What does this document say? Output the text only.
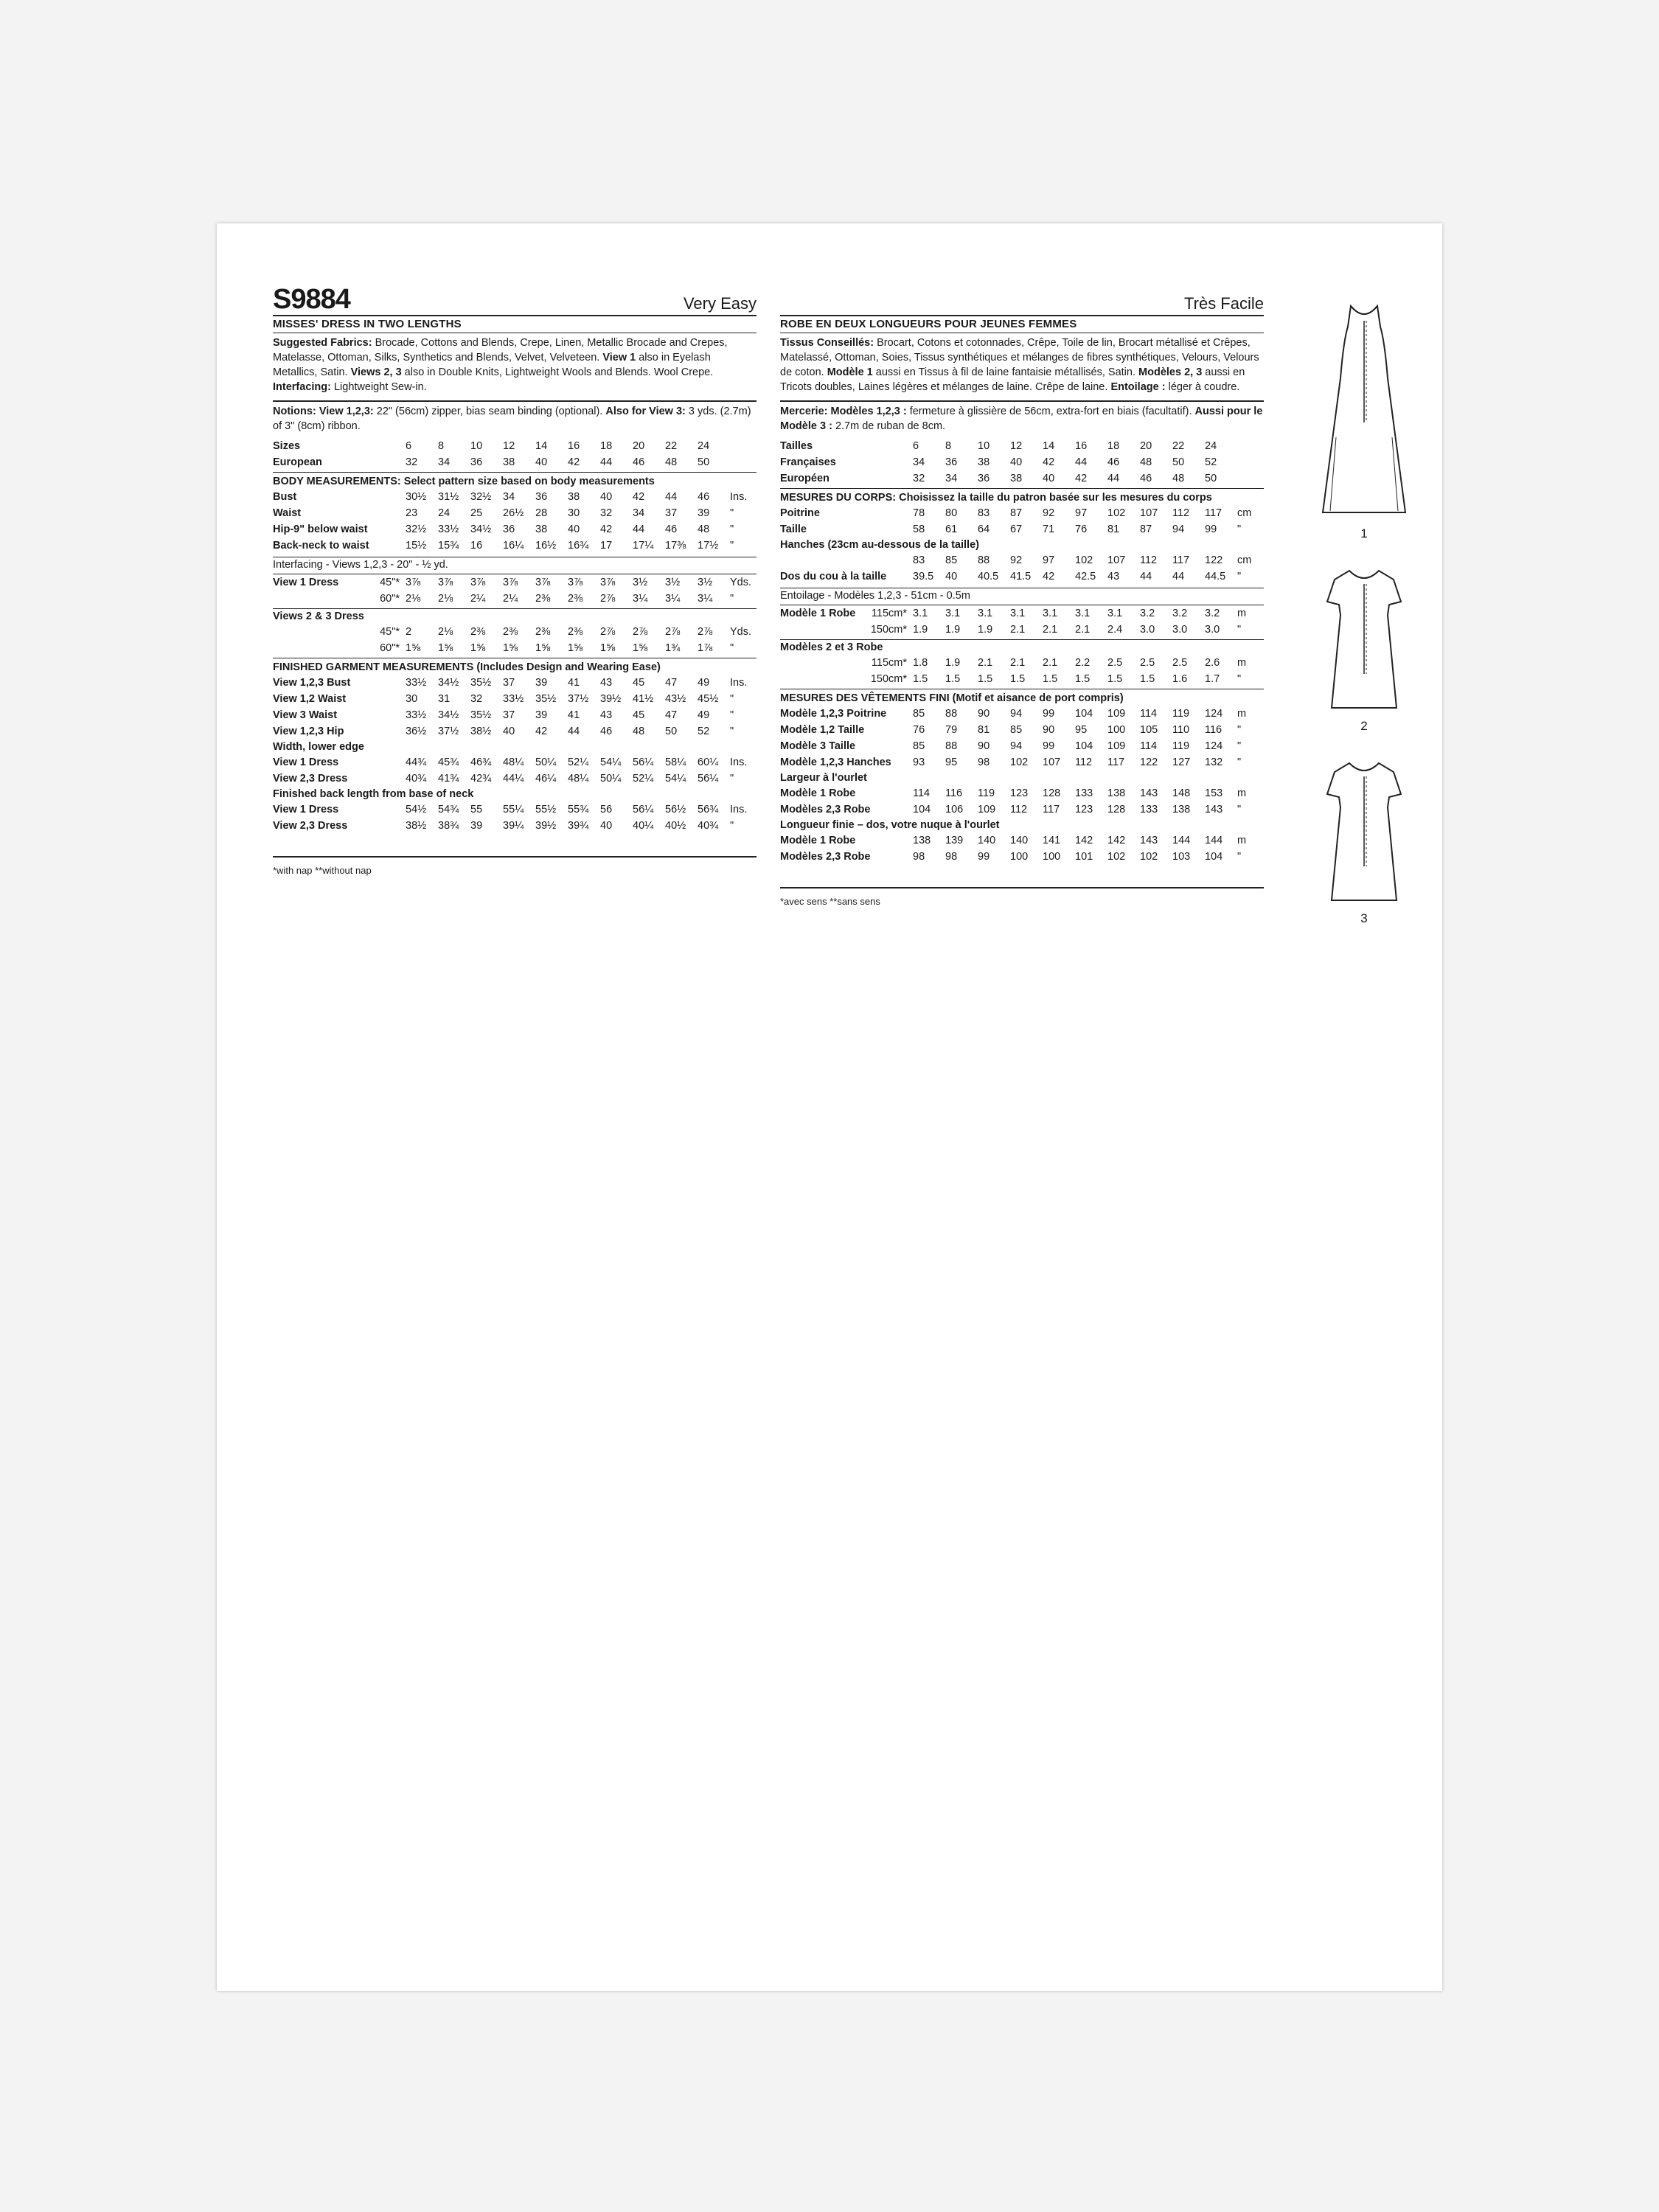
S9884	Very Easy
MISSES' DRESS IN TWO LENGTHS
Suggested Fabrics: Brocade, Cottons and Blends, Crepe, Linen, Metallic Brocade and Crepes, Matelasse, Ottoman, Silks, Synthetics and Blends, Velvet, Velveteen. View 1 also in Eyelash Metallics, Satin. Views 2, 3 also in Double Knits, Lightweight Wools and Blends. Wool Crepe.
Interfacing: Lightweight Sew-in.
Notions: View 1,2,3: 22" (56cm) zipper, bias seam binding (optional). Also for View 3: 3 yds. (2.7m) of 3" (8cm) ribbon.
Sizes	6	8	10	12	14	16	18	20	22	24	
European	32	34	36	38	40	42	44	46	48	50	
BODY MEASUREMENTS: Select pattern size based on body measurements
Bust	30½	31½	32½	34	36	38	40	42	44	46	Ins.
Waist	23	24	25	26½	28	30	32	34	37	39	"
Hip-9" below waist	32½	33½	34½	36	38	40	42	44	46	48	"
Back-neck to waist	15½	15¾	16	16¼	16½	16¾	17	17¼	17⅜	17½	"
Interfacing - Views 1,2,3 - 20" - ½ yd.
View 1 Dress	45"*	3⅞	3⅞	3⅞	3⅞	3⅞	3⅞	3⅞	3½	3½	3½	Yds.
	60"*	2⅛	2⅛	2¼	2¼	2⅜	2⅜	2⅞	3¼	3¼	3¼	"
Views 2 & 3 Dress
	45"*	2	2⅛	2⅜	2⅜	2⅜	2⅜	2⅞	2⅞	2⅞	2⅞	Yds.
	60"*	1⅝	1⅝	1⅝	1⅝	1⅝	1⅝	1⅝	1⅝	1¾	1⅞	"
FINISHED GARMENT MEASUREMENTS (Includes Design and Wearing Ease)
View 1,2,3 Bust	33½	34½	35½	37	39	41	43	45	47	49	Ins.
View 1,2 Waist	30	31	32	33½	35½	37½	39½	41½	43½	45½	"
View 3 Waist	33½	34½	35½	37	39	41	43	45	47	49	"
View 1,2,3 Hip	36½	37½	38½	40	42	44	46	48	50	52	"
Width, lower edge
View 1 Dress	44¾	45¾	46¾	48¼	50¼	52¼	54¼	56¼	58¼	60¼	Ins.
View 2,3 Dress	40¾	41¾	42¾	44¼	46¼	48¼	50¼	52¼	54¼	56¼	"
Finished back length from base of neck
View 1 Dress	54½	54¾	55	55¼	55½	55¾	56	56¼	56½	56¾	Ins.
View 2,3 Dress	38½	38¾	39	39¼	39½	39¾	40	40¼	40½	40¾	"
*with nap **without nap
Très Facile
ROBE EN DEUX LONGUEURS POUR JEUNES FEMMES
Tissus Conseillés: Brocart, Cotons et cotonnades, Crêpe, Toile de lin, Brocart métallisé et Crêpes, Matelassé, Ottoman, Soies, Tissus synthétiques et mélanges de fibres synthétiques, Velours, Velours de coton. Modèle 1 aussi en Tissus à fil de laine fantaisie métallisés, Satin. Modèles 2, 3 aussi en Tricots doubles, Laines légères et mélanges de laine. Crêpe de laine. Entoilage : léger à coudre.
Mercerie: Modèles 1,2,3 : fermeture à glissière de 56cm, extra-fort en biais (facultatif). Aussi pour le Modèle 3 : 2.7m de ruban de 8cm.
Tailles	6	8	10	12	14	16	18	20	22	24	
Françaises	34	36	38	40	42	44	46	48	50	52	
Européen	32	34	36	38	40	42	44	46	48	50	
MESURES DU CORPS: Choisissez la taille du patron basée sur les mesures du corps
Poitrine	78	80	83	87	92	97	102	107	112	117	cm
Taille	58	61	64	67	71	76	81	87	94	99	"
Hanches (23cm au-dessous de la taille)
	83	85	88	92	97	102	107	112	117	122	cm
Dos du cou à la taille	39.5	40	40.5	41.5	42	42.5	43	44	44	44.5	"
Entoilage - Modèles 1,2,3 - 51cm - 0.5m
Modèle 1 Robe	115cm*	3.1	3.1	3.1	3.1	3.1	3.1	3.1	3.2	3.2	3.2	m
	150cm*	1.9	1.9	1.9	2.1	2.1	2.1	2.4	3.0	3.0	3.0	"
Modèles 2 et 3 Robe
	115cm*	1.8	1.9	2.1	2.1	2.1	2.2	2.5	2.5	2.5	2.6	m
	150cm*	1.5	1.5	1.5	1.5	1.5	1.5	1.5	1.5	1.6	1.7	"
MESURES DES VÊTEMENTS FINI (Motif et aisance de port compris)
Modèle 1,2,3 Poitrine	85	88	90	94	99	104	109	114	119	124	m
Modèle 1,2 Taille	76	79	81	85	90	95	100	105	110	116	"
Modèle 3 Taille	85	88	90	94	99	104	109	114	119	124	"
Modèle 1,2,3 Hanches	93	95	98	102	107	112	117	122	127	132	"
Largeur à l'ourlet
Modèle 1 Robe	114	116	119	123	128	133	138	143	148	153	m
Modèles 2,3 Robe	104	106	109	112	117	123	128	133	138	143	"
Longueur finie – dos, votre nuque à l'ourlet
Modèle 1 Robe	138	139	140	140	141	142	142	143	144	144	m
Modèles 2,3 Robe	98	98	99	100	100	101	102	102	103	104	"
*avec sens **sans sens
1
2
3
